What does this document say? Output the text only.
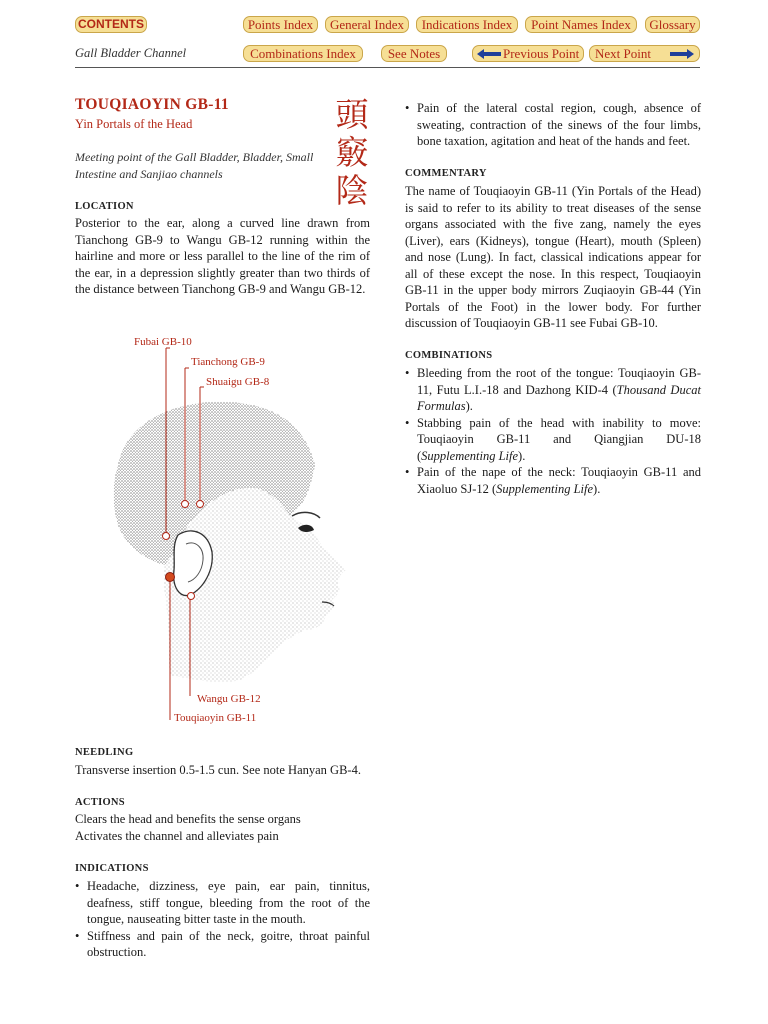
CONTENTS	Points Index	General Index	Indications Index	Point Names Index	Glossary
Gall Bladder Channel	Combinations Index	See Notes	Previous Point	Next Point
TOUQIAOYIN GB-11
Yin Portals of the Head	頭竅陰
Meeting point of the Gall Bladder, Bladder, Small Intestine and Sanjiao channels
LOCATION
Posterior to the ear, along a curved line drawn from Tianchong GB-9 to Wangu GB-12 running within the hairline and more or less parallel to the line of the rim of the ear, in a depression slightly greater than two thirds of the distance between Tianchong GB-9 and Wangu GB-12.
Fubai GB-10
Tianchong GB-9
Shuaigu GB-8
Wangu GB-12
Touqiaoyin GB-11
NEEDLING
Transverse insertion 0.5-1.5 cun. See note Hanyan GB-4.
ACTIONS
Clears the head and benefits the sense organs
Activates the channel and alleviates pain
INDICATIONS
• Headache, dizziness, eye pain, ear pain, tinnitus, deafness, stiff tongue, bleeding from the root of the tongue, nauseating bitter taste in the mouth.
• Stiffness and pain of the neck, goitre, throat painful obstruction.
• Pain of the lateral costal region, cough, absence of sweating, contraction of the sinews of the four limbs, bone taxation, agitation and heat of the hands and feet.
COMMENTARY
The name of Touqiaoyin GB-11 (Yin Portals of the Head) is said to refer to its ability to treat diseases of the sense organs associated with the five zang, namely the eyes (Liver), ears (Kidneys), tongue (Heart), mouth (Spleen) and nose (Lung). In fact, classical indications appear for all of these except the nose. In this respect, Touqiaoyin GB-11 in the upper body mirrors Zuqiaoyin GB-44 (Yin Portals of the Foot) in the lower body. For further discussion of Touqiaoyin GB-11 see Fubai GB-10.
COMBINATIONS
• Bleeding from the root of the tongue: Touqiaoyin GB-11, Futu L.I.-18 and Dazhong KID-4 (Thousand Ducat Formulas).
• Stabbing pain of the head with inability to move: Touqiaoyin GB-11 and Qiangjian DU-18 (Supplementing Life).
• Pain of the nape of the neck: Touqiaoyin GB-11 and Xiaoluo SJ-12 (Supplementing Life).
